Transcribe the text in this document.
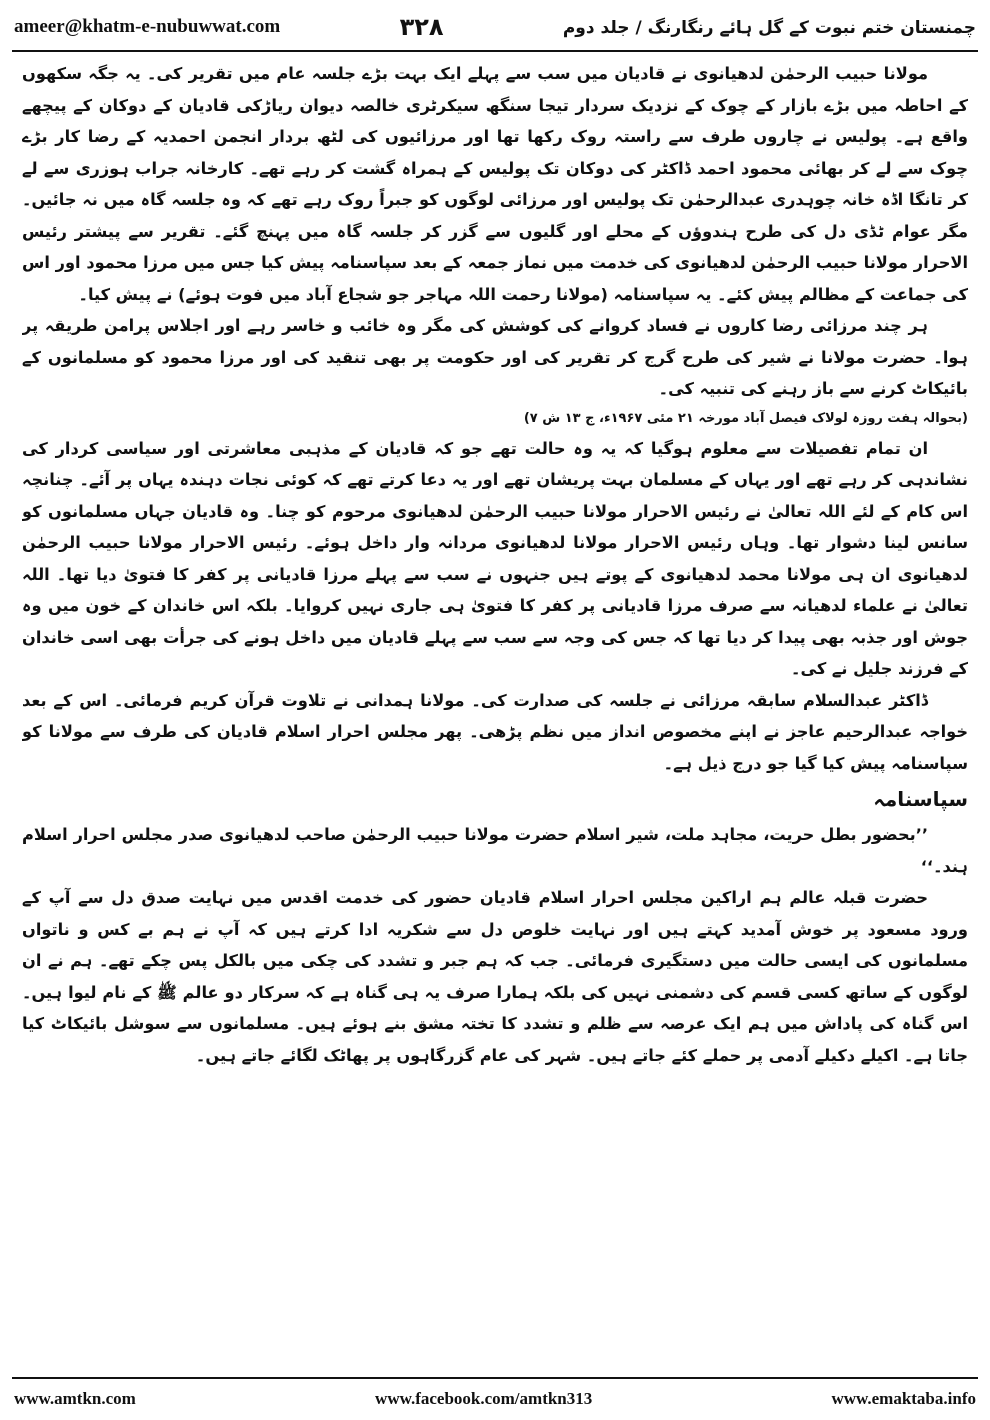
ameer@khatm-e-nubuwwat.com	۳۲۸	چمنستان ختم نبوت کے گل ہائے رنگارنگ / جلد دوم

مولانا حبیب الرحمٰن لدھیانوی نے قادیان میں سب سے پہلے ایک بہت بڑے جلسہ عام میں تقریر کی۔ یہ جگہ سکھوں کے احاطہ میں بڑے بازار کے چوک کے نزدیک سردار تیجا سنگھ سیکرٹری خالصہ دیوان ریاڑکی قادیان کے دوکان کے پیچھے واقع ہے۔ پولیس نے چاروں طرف سے راستہ روک رکھا تھا اور مرزائیوں کی لٹھ بردار انجمن احمدیہ کے رضا کار بڑے چوک سے لے کر بھائی محمود احمد ڈاکٹر کی دوکان تک پولیس کے ہمراہ گشت کر رہے تھے۔ کارخانہ جراب ہوزری سے لے کر تانگا اڈہ خانہ چوہدری عبدالرحمٰن تک پولیس اور مرزائی لوگوں کو جبراً روک رہے تھے کہ وہ جلسہ گاہ میں نہ جائیں۔ مگر عوام ٹڈی دل کی طرح ہندوؤں کے محلے اور گلیوں سے گزر کر جلسہ گاہ میں پہنچ گئے۔ تقریر سے پیشتر رئیس الاحرار مولانا حبیب الرحمٰن لدھیانوی کی خدمت میں نماز جمعہ کے بعد سپاسنامہ پیش کیا جس میں مرزا محمود اور اس کی جماعت کے مظالم پیش کئے۔ یہ سپاسنامہ (مولانا رحمت اللہ مہاجر جو شجاع آباد میں فوت ہوئے) نے پیش کیا۔

ہر چند مرزائی رضا کاروں نے فساد کروانے کی کوشش کی مگر وہ خائب و خاسر رہے اور اجلاس پرامن طریقہ پر ہوا۔ حضرت مولانا نے شیر کی طرح گرج کر تقریر کی اور حکومت پر بھی تنقید کی اور مرزا محمود کو مسلمانوں کے بائیکاٹ کرنے سے باز رہنے کی تنبیہ کی۔

(بحوالہ ہفت روزہ لولاک فیصل آباد مورخہ ۲۱ مئی ۱۹۶۷ء، ج ۱۳ ش ۷)

ان تمام تفصیلات سے معلوم ہوگیا کہ یہ وہ حالت تھے جو کہ قادیان کے مذہبی معاشرتی اور سیاسی کردار کی نشاندہی کر رہے تھے اور یہاں کے مسلمان بہت پریشان تھے اور یہ دعا کرتے تھے کہ کوئی نجات دہندہ یہاں پر آئے۔ چنانچہ اس کام کے لئے اللہ تعالیٰ نے رئیس الاحرار مولانا حبیب الرحمٰن لدھیانوی مرحوم کو چنا۔ وہ قادیان جہاں مسلمانوں کو سانس لینا دشوار تھا۔ وہاں رئیس الاحرار مولانا لدھیانوی مردانہ وار داخل ہوئے۔ رئیس الاحرار مولانا حبیب الرحمٰن لدھیانوی ان ہی مولانا محمد لدھیانوی کے پوتے ہیں جنہوں نے سب سے پہلے مرزا قادیانی پر کفر کا فتویٰ دیا تھا۔ اللہ تعالیٰ نے علماء لدھیانہ سے صرف مرزا قادیانی پر کفر کا فتویٰ ہی جاری نہیں کروایا۔ بلکہ اس خاندان کے خون میں وہ جوش اور جذبہ بھی پیدا کر دیا تھا کہ جس کی وجہ سے سب سے پہلے قادیان میں داخل ہونے کی جرأت بھی اسی خاندان کے فرزند جلیل نے کی۔

ڈاکٹر عبدالسلام سابقہ مرزائی نے جلسہ کی صدارت کی۔ مولانا ہمدانی نے تلاوت قرآن کریم فرمائی۔ اس کے بعد خواجہ عبدالرحیم عاجز نے اپنے مخصوص انداز میں نظم پڑھی۔ پھر مجلس احرار اسلام قادیان کی طرف سے مولانا کو سپاسنامہ پیش کیا گیا جو درج ذیل ہے۔

سپاسنامہ

’’بحضور بطل حریت، مجاہد ملت، شیر اسلام حضرت مولانا حبیب الرحمٰن صاحب لدھیانوی صدر مجلس احرار اسلام ہند۔‘‘

حضرت قبلہ عالم ہم اراکین مجلس احرار اسلام قادیان حضور کی خدمت اقدس میں نہایت صدق دل سے آپ کے ورود مسعود پر خوش آمدید کہتے ہیں اور نہایت خلوص دل سے شکریہ ادا کرتے ہیں کہ آپ نے ہم بے کس و ناتواں مسلمانوں کی ایسی حالت میں دستگیری فرمائی۔ جب کہ ہم جبر و تشدد کی چکی میں بالکل پس چکے تھے۔ ہم نے ان لوگوں کے ساتھ کسی قسم کی دشمنی نہیں کی بلکہ ہمارا صرف یہ ہی گناہ ہے کہ سرکار دو عالم ﷺ کے نام لیوا ہیں۔ اس گناہ کی پاداش میں ہم ایک عرصہ سے ظلم و تشدد کا تختہ مشق بنے ہوئے ہیں۔ مسلمانوں سے سوشل بائیکاٹ کیا جاتا ہے۔ اکیلے دکیلے آدمی پر حملے کئے جاتے ہیں۔ شہر کی عام گزرگاہوں پر پھاٹک لگائے جاتے ہیں۔

www.amtkn.com	www.facebook.com/amtkn313	www.emaktaba.info
